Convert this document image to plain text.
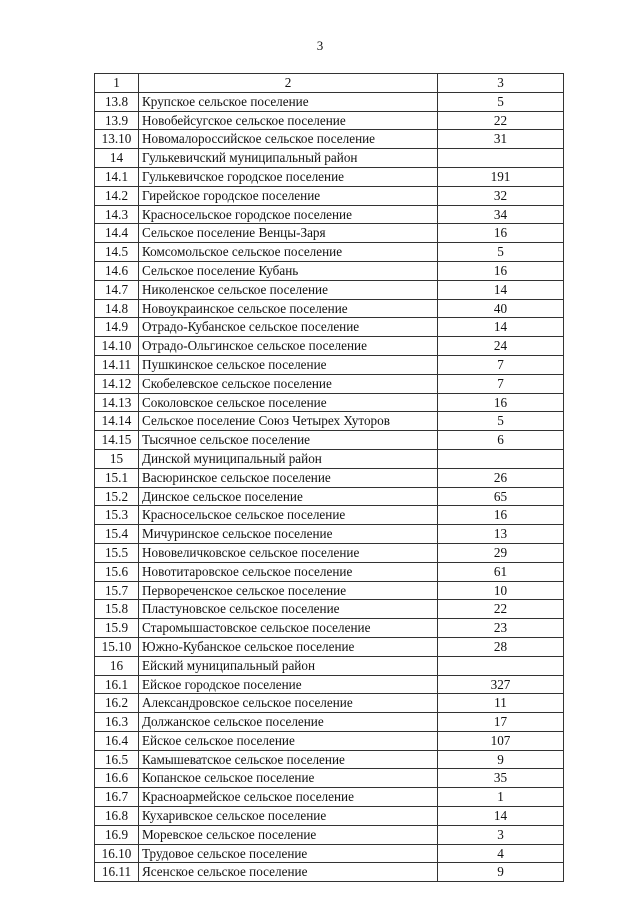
3
1	2	3
13.8	Крупское сельское поселение	5
13.9	Новобейсугское сельское поселение	22
13.10	Новомалороссийское сельское поселение	31
14	Гулькевичский муниципальный район	
14.1	Гулькевичское городское поселение	191
14.2	Гирейское городское поселение	32
14.3	Красносельское городское поселение	34
14.4	Сельское поселение Венцы-Заря	16
14.5	Комсомольское сельское поселение	5
14.6	Сельское поселение Кубань	16
14.7	Николенское сельское поселение	14
14.8	Новоукраинское сельское поселение	40
14.9	Отрадо-Кубанское сельское поселение	14
14.10	Отрадо-Ольгинское сельское поселение	24
14.11	Пушкинское сельское поселение	7
14.12	Скобелевское сельское поселение	7
14.13	Соколовское сельское поселение	16
14.14	Сельское поселение Союз Четырех Хуторов	5
14.15	Тысячное сельское поселение	6
15	Динской муниципальный район	
15.1	Васюринское сельское поселение	26
15.2	Динское сельское поселение	65
15.3	Красносельское сельское поселение	16
15.4	Мичуринское сельское поселение	13
15.5	Нововеличковское сельское поселение	29
15.6	Новотитаровское сельское поселение	61
15.7	Первореченское сельское поселение	10
15.8	Пластуновское сельское поселение	22
15.9	Старомышастовское сельское поселение	23
15.10	Южно-Кубанское сельское поселение	28
16	Ейский муниципальный район	
16.1	Ейское городское поселение	327
16.2	Александровское сельское поселение	11
16.3	Должанское сельское поселение	17
16.4	Ейское сельское поселение	107
16.5	Камышеватское сельское поселение	9
16.6	Копанское сельское поселение	35
16.7	Красноармейское сельское поселение	1
16.8	Кухаривское сельское поселение	14
16.9	Моревское сельское поселение	3
16.10	Трудовое сельское поселение	4
16.11	Ясенское сельское поселение	9
